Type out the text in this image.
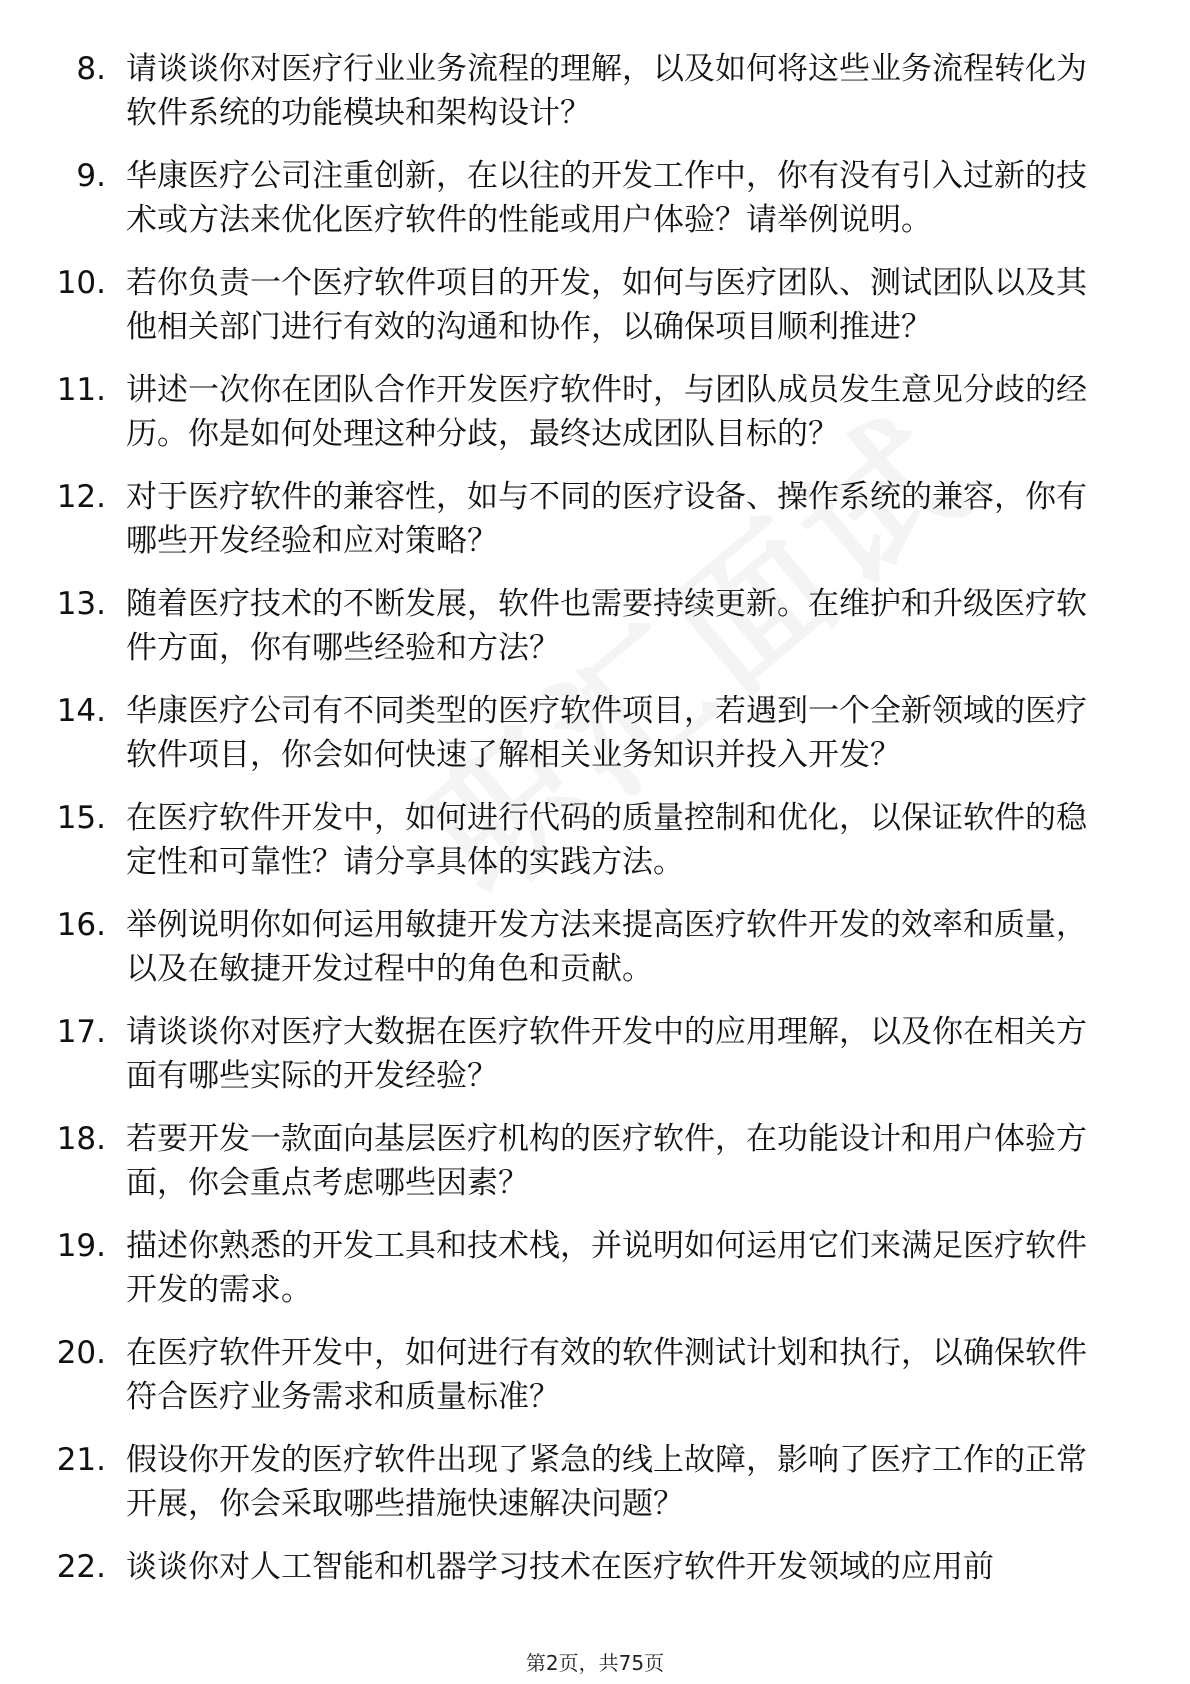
8. 请谈谈你对医疗行业业务流程的理解，以及如何将这些业务流程转化为软件系统的功能模块和架构设计？
9. 华康医疗公司注重创新，在以往的开发工作中，你有没有引入过新的技术或方法来优化医疗软件的性能或用户体验？请举例说明。
10. 若你负责一个医疗软件项目的开发，如何与医疗团队、测试团队以及其他相关部门进行有效的沟通和协作，以确保项目顺利推进？
11. 讲述一次你在团队合作开发医疗软件时，与团队成员发生意见分歧的经历。你是如何处理这种分歧，最终达成团队目标的？
12. 对于医疗软件的兼容性，如与不同的医疗设备、操作系统的兼容，你有哪些开发经验和应对策略？
13. 随着医疗技术的不断发展，软件也需要持续更新。在维护和升级医疗软件方面，你有哪些经验和方法？
14. 华康医疗公司有不同类型的医疗软件项目，若遇到一个全新领域的医疗软件项目，你会如何快速了解相关业务知识并投入开发？
15. 在医疗软件开发中，如何进行代码的质量控制和优化，以保证软件的稳定性和可靠性？请分享具体的实践方法。
16. 举例说明你如何运用敏捷开发方法来提高医疗软件开发的效率和质量，以及在敏捷开发过程中的角色和贡献。
17. 请谈谈你对医疗大数据在医疗软件开发中的应用理解，以及你在相关方面有哪些实际的开发经验？
18. 若要开发一款面向基层医疗机构的医疗软件，在功能设计和用户体验方面，你会重点考虑哪些因素？
19. 描述你熟悉的开发工具和技术栈，并说明如何运用它们来满足医疗软件开发的需求。
20. 在医疗软件开发中，如何进行有效的软件测试计划和执行，以确保软件符合医疗业务需求和质量标准？
21. 假设你开发的医疗软件出现了紧急的线上故障，影响了医疗工作的正常开展，你会采取哪些措施快速解决问题？
22. 谈谈你对人工智能和机器学习技术在医疗软件开发领域的应用前
第2页，共75页
